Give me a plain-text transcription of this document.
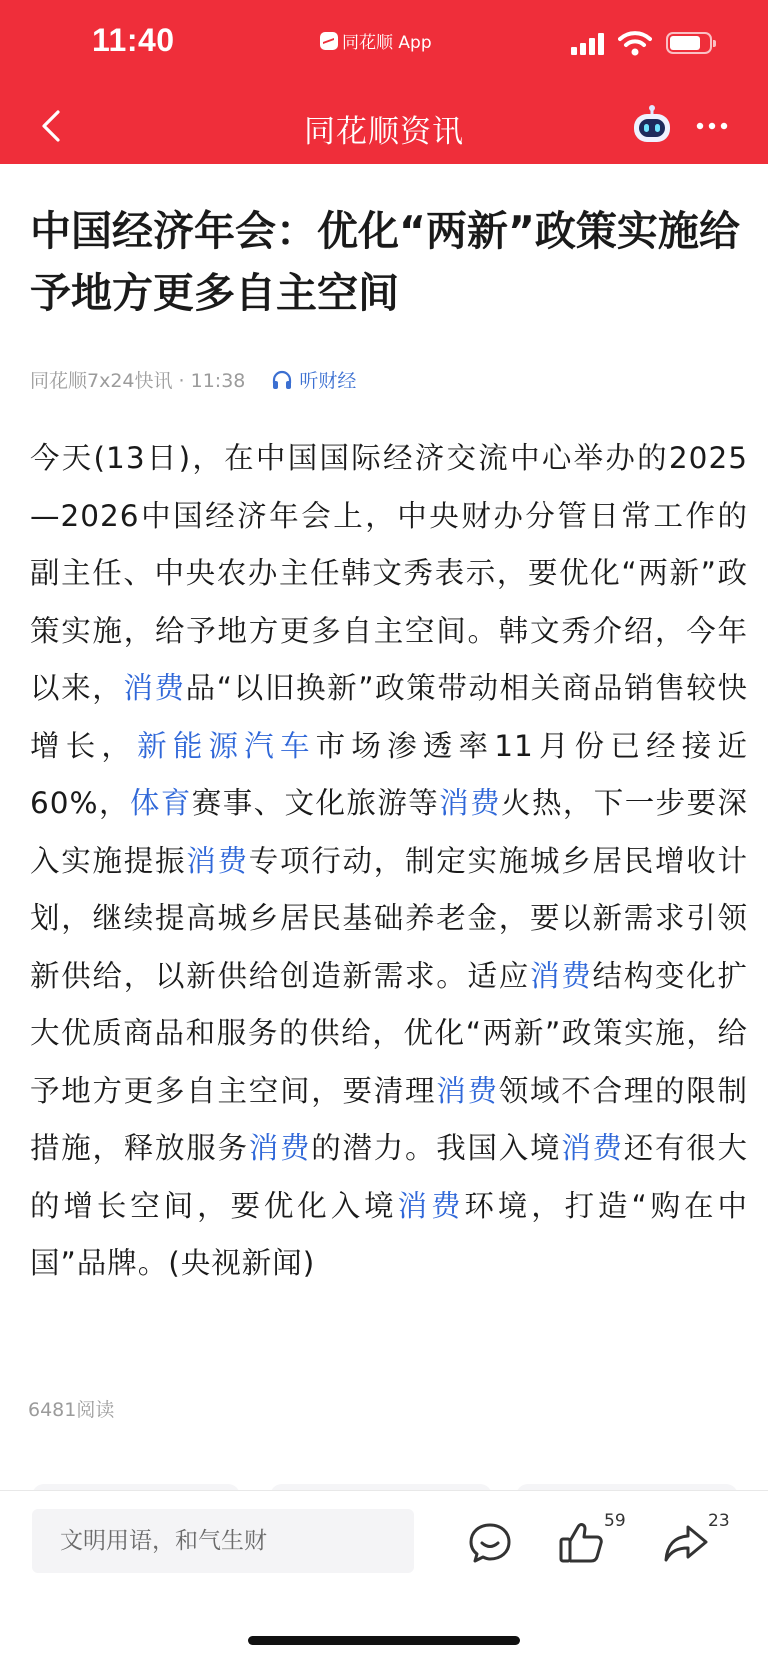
11:40	同花顺 App
同花顺资讯
中国经济年会：优化“两新”政策实施给予地方更多自主空间
同花顺7x24快讯 · 11:38	听财经

今天(13日)，在中国国际经济交流中心举办的2025—2026中国经济年会上，中央财办分管日常工作的副主任、中央农办主任韩文秀表示，要优化“两新”政策实施，给予地方更多自主空间。韩文秀介绍，今年以来，消费品“以旧换新”政策带动相关商品销售较快增长，新能源汽车市场渗透率11月份已经接近60%，体育赛事、文化旅游等消费火热，下一步要深入实施提振消费专项行动，制定实施城乡居民增收计划，继续提高城乡居民基础养老金，要以新需求引领新供给，以新供给创造新需求。适应消费结构变化扩大优质商品和服务的供给，优化“两新”政策实施，给予地方更多自主空间，要清理消费领域不合理的限制措施，释放服务消费的潜力。我国入境消费还有很大的增长空间，要优化入境消费环境，打造“购在中国”品牌。(央视新闻)

6481阅读
文明用语，和气生财
59	23
